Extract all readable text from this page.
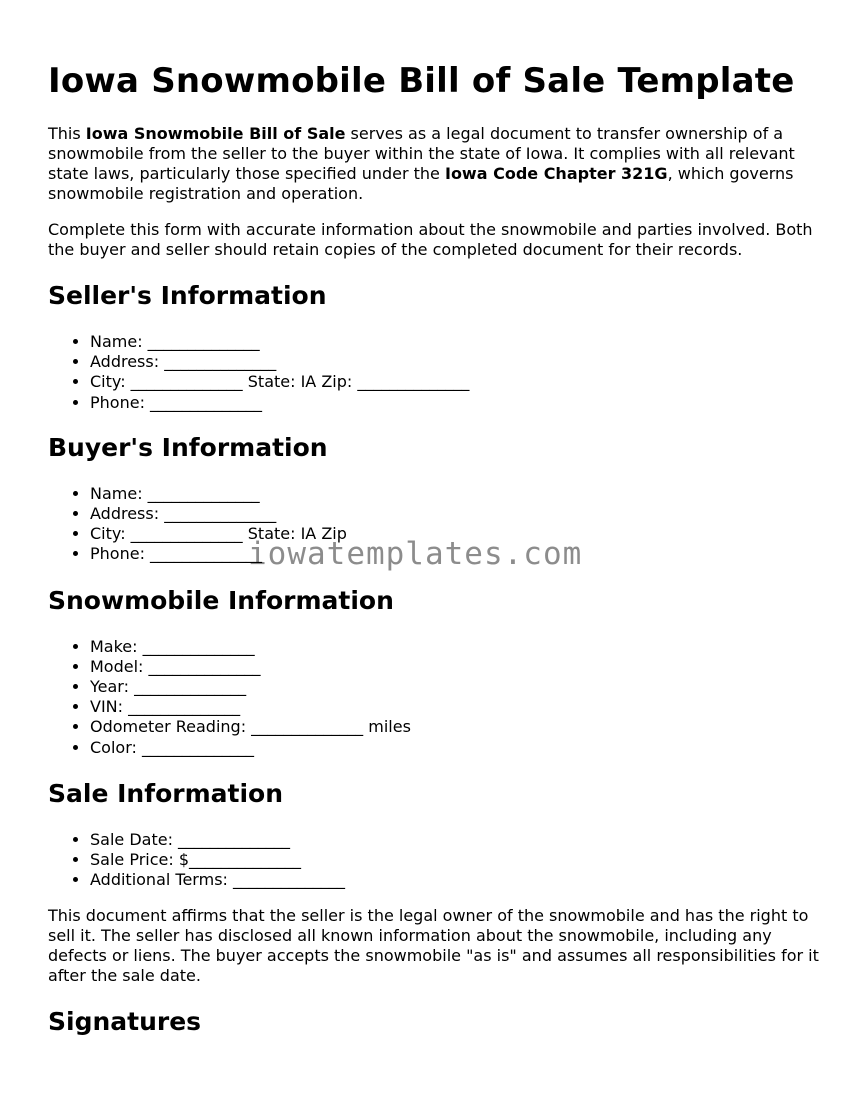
Iowa Snowmobile Bill of Sale Template

This Iowa Snowmobile Bill of Sale serves as a legal document to transfer ownership of a snowmobile from the seller to the buyer within the state of Iowa. It complies with all relevant state laws, particularly those specified under the Iowa Code Chapter 321G, which governs snowmobile registration and operation.

Complete this form with accurate information about the snowmobile and parties involved. Both the buyer and seller should retain copies of the completed document for their records.

Seller's Information
• Name: ______________
• Address: ______________
• City: ______________ State: IA Zip: ______________
• Phone: ______________
Buyer's Information
• Name: ______________
• Address: ______________
• City: ______________ State: IA Zip
• Phone: ______________
Snowmobile Information
• Make: ______________
• Model: ______________
• Year: ______________
• VIN: ______________
• Odometer Reading: ______________ miles
• Color: ______________
Sale Information
• Sale Date: ______________
• Sale Price: $______________
• Additional Terms: ______________

This document affirms that the seller is the legal owner of the snowmobile and has the right to sell it. The seller has disclosed all known information about the snowmobile, including any defects or liens. The buyer accepts the snowmobile "as is" and assumes all responsibilities for it after the sale date.

Signatures
iowatemplates.com
